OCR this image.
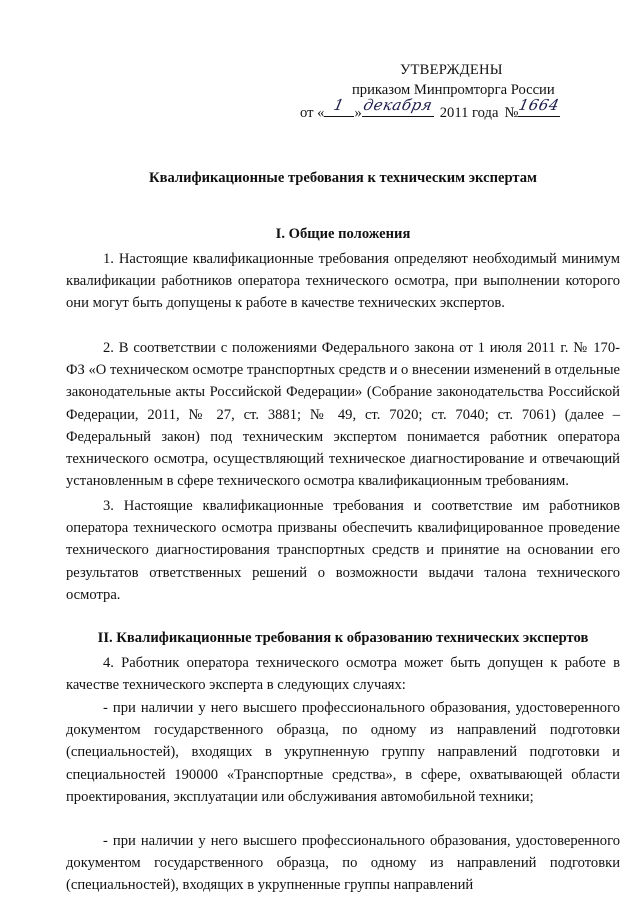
УТВЕРЖДЕНЫ
приказом Минпромторга России
от « 1 » декабря 2011 года №
1664
Квалификационные требования к техническим экспертам
I. Общие положения

1. Настоящие квалификационные требования определяют необходимый минимум квалификации работников оператора технического осмотра, при выполнении которого они могут быть допущены к работе в качестве технических экспертов.

2. В соответствии с положениями Федерального закона от 1 июля 2011 г. № 170-ФЗ «О техническом осмотре транспортных средств и о внесении изменений в отдельные законодательные акты Российской Федерации» (Собрание законодательства Российской Федерации, 2011, № 27, ст. 3881; № 49, ст. 7020; ст. 7040; ст. 7061) (далее – Федеральный закон) под техническим экспертом понимается работник оператора технического осмотра, осуществляющий техническое диагностирование и отвечающий установленным в сфере технического осмотра квалификационным требованиям.

3. Настоящие квалификационные требования и соответствие им работников оператора технического осмотра призваны обеспечить квалифицированное проведение технического диагностирования транспортных средств и принятие на основании его результатов ответственных решений о возможности выдачи талона технического осмотра.

II. Квалификационные требования к образованию технических экспертов

4. Работник оператора технического осмотра может быть допущен к работе в качестве технического эксперта в следующих случаях:

- при наличии у него высшего профессионального образования, удостоверенного документом государственного образца, по одному из направлений подготовки (специальностей), входящих в укрупненную группу направлений подготовки и специальностей 190000 «Транспортные средства», в сфере, охватывающей области проектирования, эксплуатации или обслуживания автомобильной техники;

- при наличии у него высшего профессионального образования, удостоверенного документом государственного образца, по одному из направлений подготовки (специальностей), входящих в укрупненные группы направлений
